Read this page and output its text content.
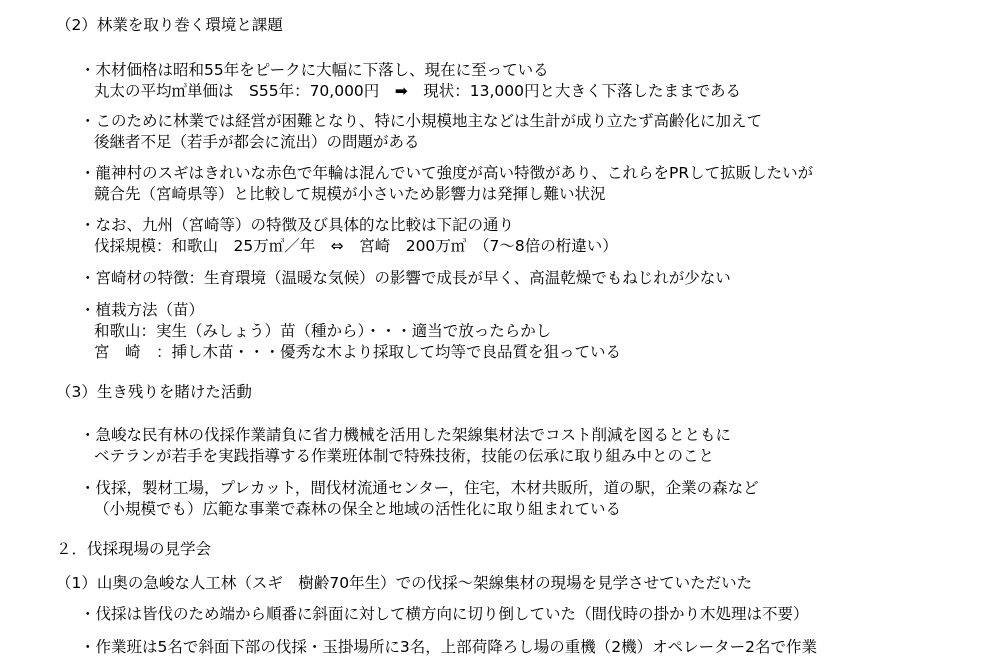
（2）林業を取り巻く環境と課題
・木材価格は昭和55年をピークに大幅に下落し、現在に至っている
丸太の平均㎥単価は　S55年：70,000円　➡　現状：13,000円と大きく下落したままである
・このために林業では経営が困難となり、特に小規模地主などは生計が成り立たず高齢化に加えて
後継者不足（若手が都会に流出）の問題がある
・龍神村のスギはきれいな赤色で年輪は混んでいて強度が高い特徴があり、これらをPRして拡販したいが
競合先（宮崎県等）と比較して規模が小さいため影響力は発揮し難い状況
・なお、九州（宮崎等）の特徴及び具体的な比較は下記の通り
伐採規模：和歌山　25万㎥／年　⇔　宮崎　200万㎥　（7～8倍の桁違い）
・宮崎材の特徴：生育環境（温暖な気候）の影響で成長が早く、高温乾燥でもねじれが少ない
・植栽方法（苗）
和歌山：実生（みしょう）苗（種から）・・・適当で放ったらかし
宮　崎　：挿し木苗・・・優秀な木より採取して均等で良品質を狙っている
（3）生き残りを賭けた活動
・急峻な民有林の伐採作業請負に省力機械を活用した架線集材法でコスト削減を図るとともに
ベテランが若手を実践指導する作業班体制で特殊技術，技能の伝承に取り組み中とのこと
・伐採，製材工場，プレカット，間伐材流通センター，住宅，木材共販所，道の駅，企業の森など
（小規模でも）広範な事業で森林の保全と地域の活性化に取り組まれている
２．伐採現場の見学会
（1）山奥の急峻な人工林（スギ　樹齢70年生）での伐採～架線集材の現場を見学させていただいた
・伐採は皆伐のため端から順番に斜面に対して横方向に切り倒していた（間伐時の掛かり木処理は不要）
・作業班は5名で斜面下部の伐採・玉掛場所に3名，上部荷降ろし場の重機（2機）オペレーター2名で作業
